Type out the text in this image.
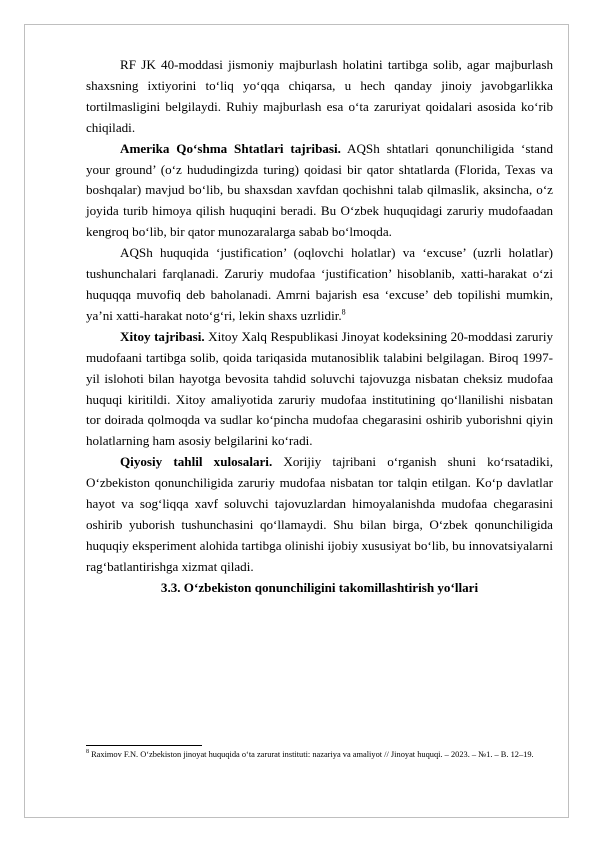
RF JK 40-moddasi jismoniy majburlash holatini tartibga solib, agar majburlash shaxsning ixtiyorini to‘liq yo‘qqa chiqarsa, u hech qanday jinoiy javobgarlikka tortilmasligini belgilaydi. Ruhiy majburlash esa o‘ta zaruriyat qoidalari asosida ko‘rib chiqiladi.

Amerika Qo‘shma Shtatlari tajribasi. AQSh shtatlari qonunchiligida ‘stand your ground’ (o‘z hududingizda turing) qoidasi bir qator shtatlarda (Florida, Texas va boshqalar) mavjud bo‘lib, bu shaxsdan xavfdan qochishni talab qilmaslik, aksincha, o‘z joyida turib himoya qilish huquqini beradi. Bu O‘zbek huquqidagi zaruriy mudofaadan kengroq bo‘lib, bir qator munozaralarga sabab bo‘lmoqda.

AQSh huquqida ‘justification’ (oqlovchi holatlar) va ‘excuse’ (uzrli holatlar) tushunchalari farqlanadi. Zaruriy mudofaa ‘justification’ hisoblanib, xatti-harakat o‘zi huquqqa muvofiq deb baholanadi. Amrni bajarish esa ‘excuse’ deb topilishi mumkin, ya’ni xatti-harakat noto‘g‘ri, lekin shaxs uzrlidir.$^8$

Xitoy tajribasi. Xitoy Xalq Respublikasi Jinoyat kodeksining 20-moddasi zaruriy mudofaani tartibga solib, qoida tariqasida mutanosiblik talabini belgilagan. Biroq 1997-yil islohoti bilan hayotga bevosita tahdid soluvchi tajovuzga nisbatan cheksiz mudofaa huquqi kiritildi. Xitoy amaliyotida zaruriy mudofaa institutining qo‘llanilishi nisbatan tor doirada qolmoqda va sudlar ko‘pincha mudofaa chegarasini oshirib yuborishni qiyin holatlarning ham asosiy belgilarini ko‘radi.

Qiyosiy tahlil xulosalari. Xorijiy tajribani o‘rganish shuni ko‘rsatadiki, O‘zbekiston qonunchiligida zaruriy mudofaa nisbatan tor talqin etilgan. Ko‘p davlatlar hayot va sog‘liqqa xavf soluvchi tajovuzlardan himoyalanishda mudofaa chegarasini oshirib yuborish tushunchasini qo‘llamaydi. Shu bilan birga, O‘zbek qonunchiligida huquqiy eksperiment alohida tartibga olinishi ijobiy xususiyat bo‘lib, bu innovatsiyalarni rag‘batlantirishga xizmat qiladi.

3.3. O‘zbekiston qonunchiligini takomillashtirish yo‘llari
$^8$ Raximov F.N. O‘zbekiston jinoyat huquqida o‘ta zarurat instituti: nazariya va amaliyot // Jinoyat huquqi. – 2023. – №1. – B. 12–19.
